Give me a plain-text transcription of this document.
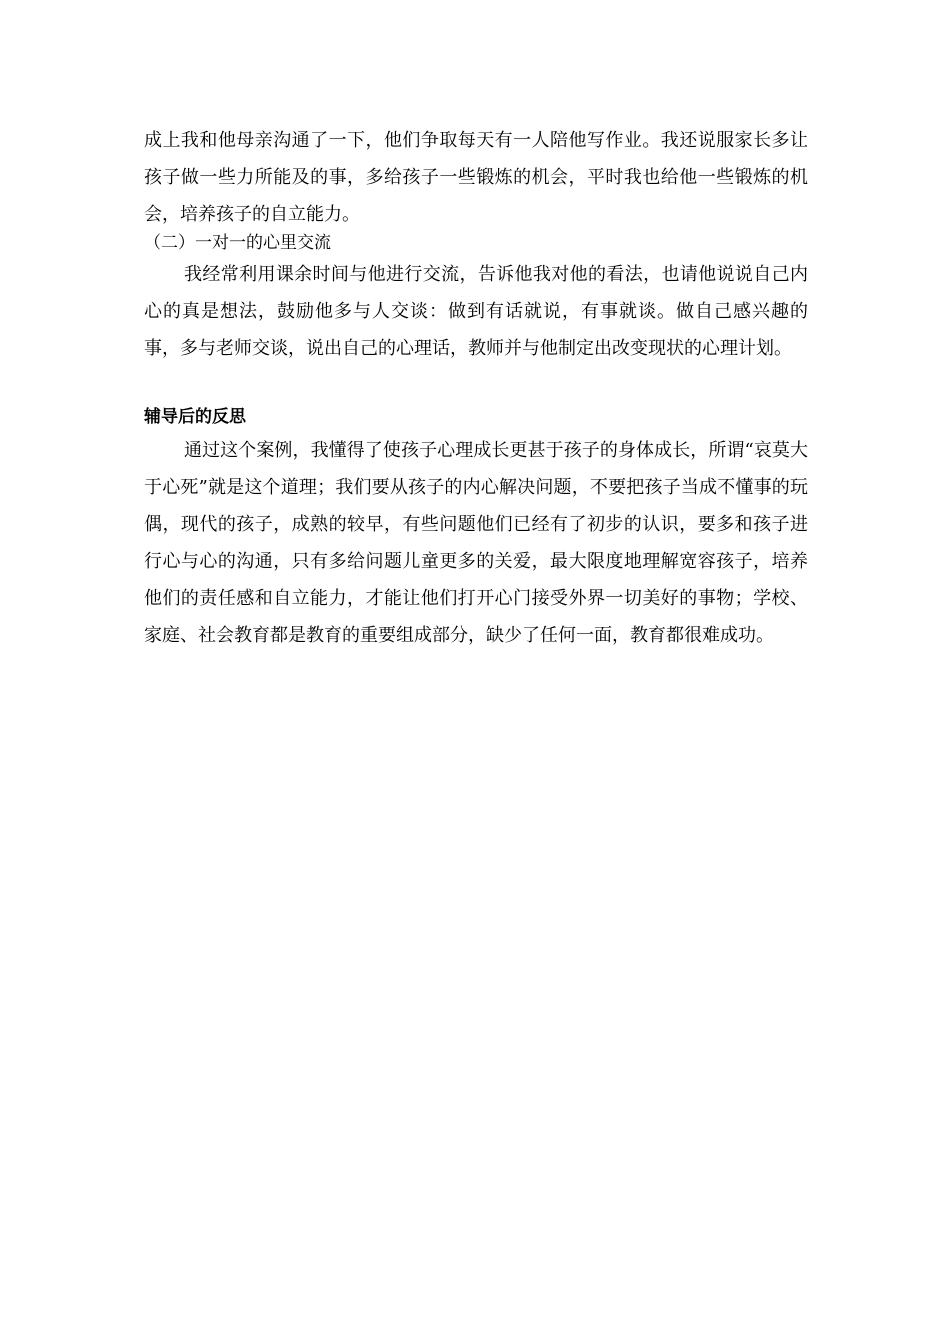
成上我和他母亲沟通了一下，他们争取每天有一人陪他写作业。我还说服家长多让孩子做一些力所能及的事，多给孩子一些锻炼的机会，平时我也给他一些锻炼的机会，培养孩子的自立能力。

（二）一对一的心里交流

我经常利用课余时间与他进行交流，告诉他我对他的看法，也请他说说自己内心的真是想法，鼓励他多与人交谈：做到有话就说，有事就谈。做自己感兴趣的事，多与老师交谈，说出自己的心理话，教师并与他制定出改变现状的心理计划。

辅导后的反思

通过这个案例，我懂得了使孩子心理成长更甚于孩子的身体成长，所谓“哀莫大于心死”就是这个道理；我们要从孩子的内心解决问题，不要把孩子当成不懂事的玩偶，现代的孩子，成熟的较早，有些问题他们已经有了初步的认识，要多和孩子进行心与心的沟通，只有多给问题儿童更多的关爱，最大限度地理解宽容孩子，培养他们的责任感和自立能力，才能让他们打开心门接受外界一切美好的事物；学校、家庭、社会教育都是教育的重要组成部分，缺少了任何一面，教育都很难成功。
